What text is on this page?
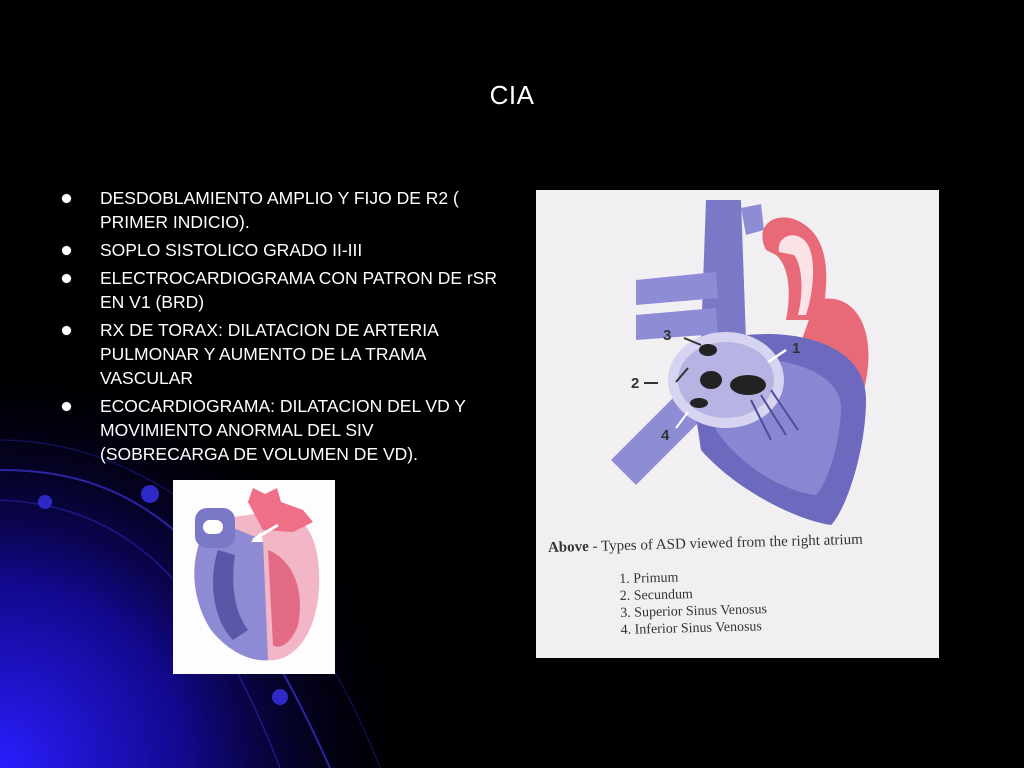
CIA
DESDOBLAMIENTO AMPLIO Y FIJO DE R2 ( PRIMER INDICIO).
SOPLO SISTOLICO GRADO II-III
ELECTROCARDIOGRAMA CON PATRON DE rSR EN V1 (BRD)
RX DE TORAX: DILATACION DE ARTERIA PULMONAR Y AUMENTO DE LA TRAMA VASCULAR
ECOCARDIOGRAMA: DILATACION DEL VD Y MOVIMIENTO ANORMAL DEL SIV (SOBRECARGA DE VOLUMEN DE VD).
1
2
3
4
Above - Types of ASD viewed from the right atrium
1. Primum
2. Secundum
3. Superior Sinus Venosus
4. Inferior Sinus Venosus
